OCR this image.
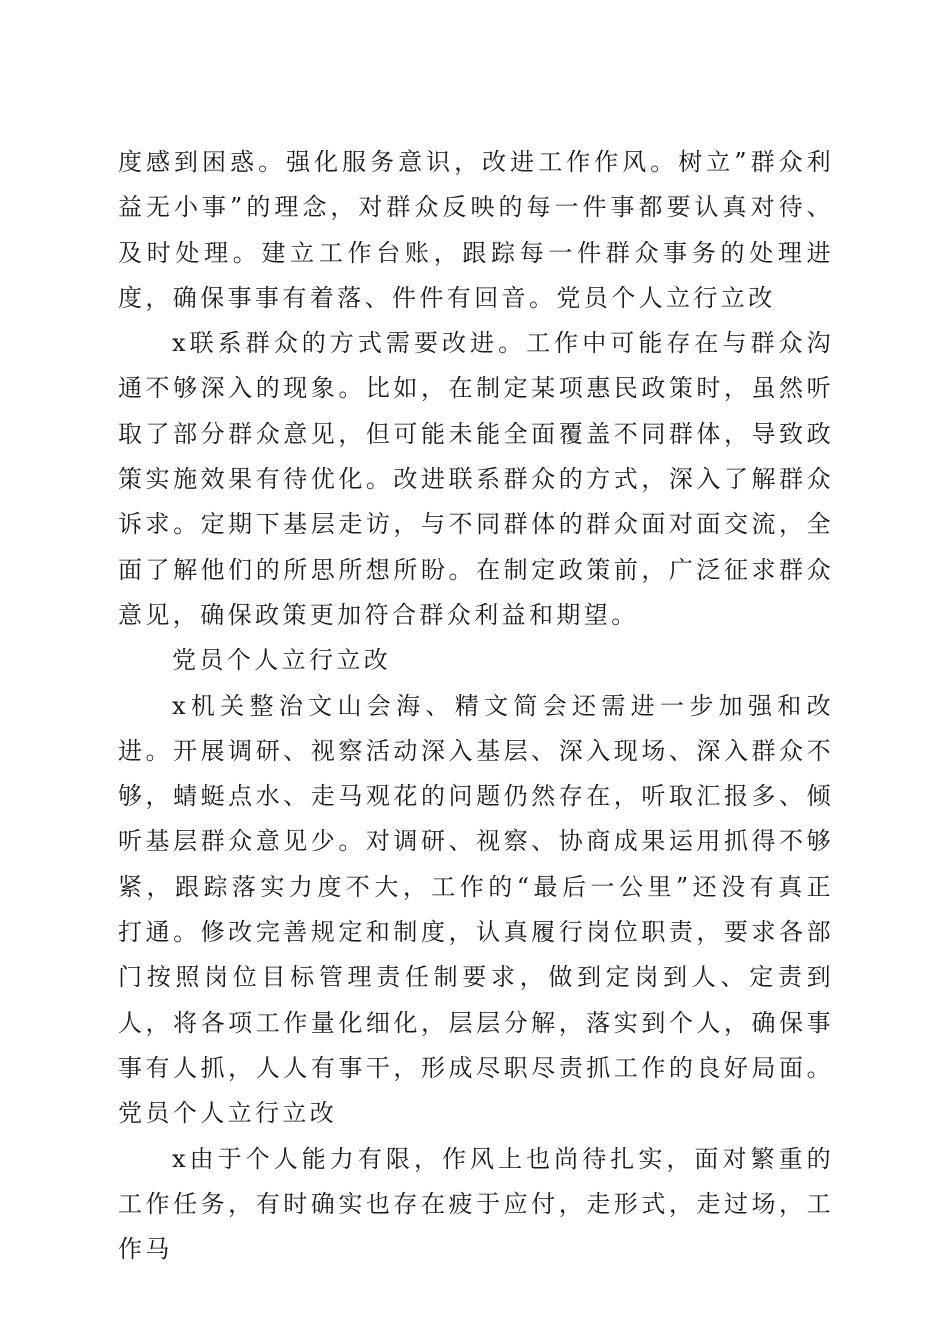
度感到困惑。强化服务意识，改进工作作风。树立”群众利益无小事”的理念，对群众反映的每一件事都要认真对待、及时处理。建立工作台账，跟踪每一件群众事务的处理进度，确保事事有着落、件件有回音。党员个人立行立改

x联系群众的方式需要改进。工作中可能存在与群众沟通不够深入的现象。比如，在制定某项惠民政策时，虽然听取了部分群众意见，但可能未能全面覆盖不同群体，导致政策实施效果有待优化。改进联系群众的方式，深入了解群众诉求。定期下基层走访，与不同群体的群众面对面交流，全面了解他们的所思所想所盼。在制定政策前，广泛征求群众意见，确保政策更加符合群众利益和期望。

党员个人立行立改

x机关整治文山会海、精文简会还需进一步加强和改进。开展调研、视察活动深入基层、深入现场、深入群众不够，蜻蜓点水、走马观花的问题仍然存在，听取汇报多、倾听基层群众意见少。对调研、视察、协商成果运用抓得不够紧，跟踪落实力度不大，工作的“最后一公里”还没有真正打通。修改完善规定和制度，认真履行岗位职责，要求各部门按照岗位目标管理责任制要求，做到定岗到人、定责到人，将各项工作量化细化，层层分解，落实到个人，确保事事有人抓，人人有事干，形成尽职尽责抓工作的良好局面。党员个人立行立改

x由于个人能力有限，作风上也尚待扎实，面对繁重的工作任务，有时确实也存在疲于应付，走形式，走过场，工作马
